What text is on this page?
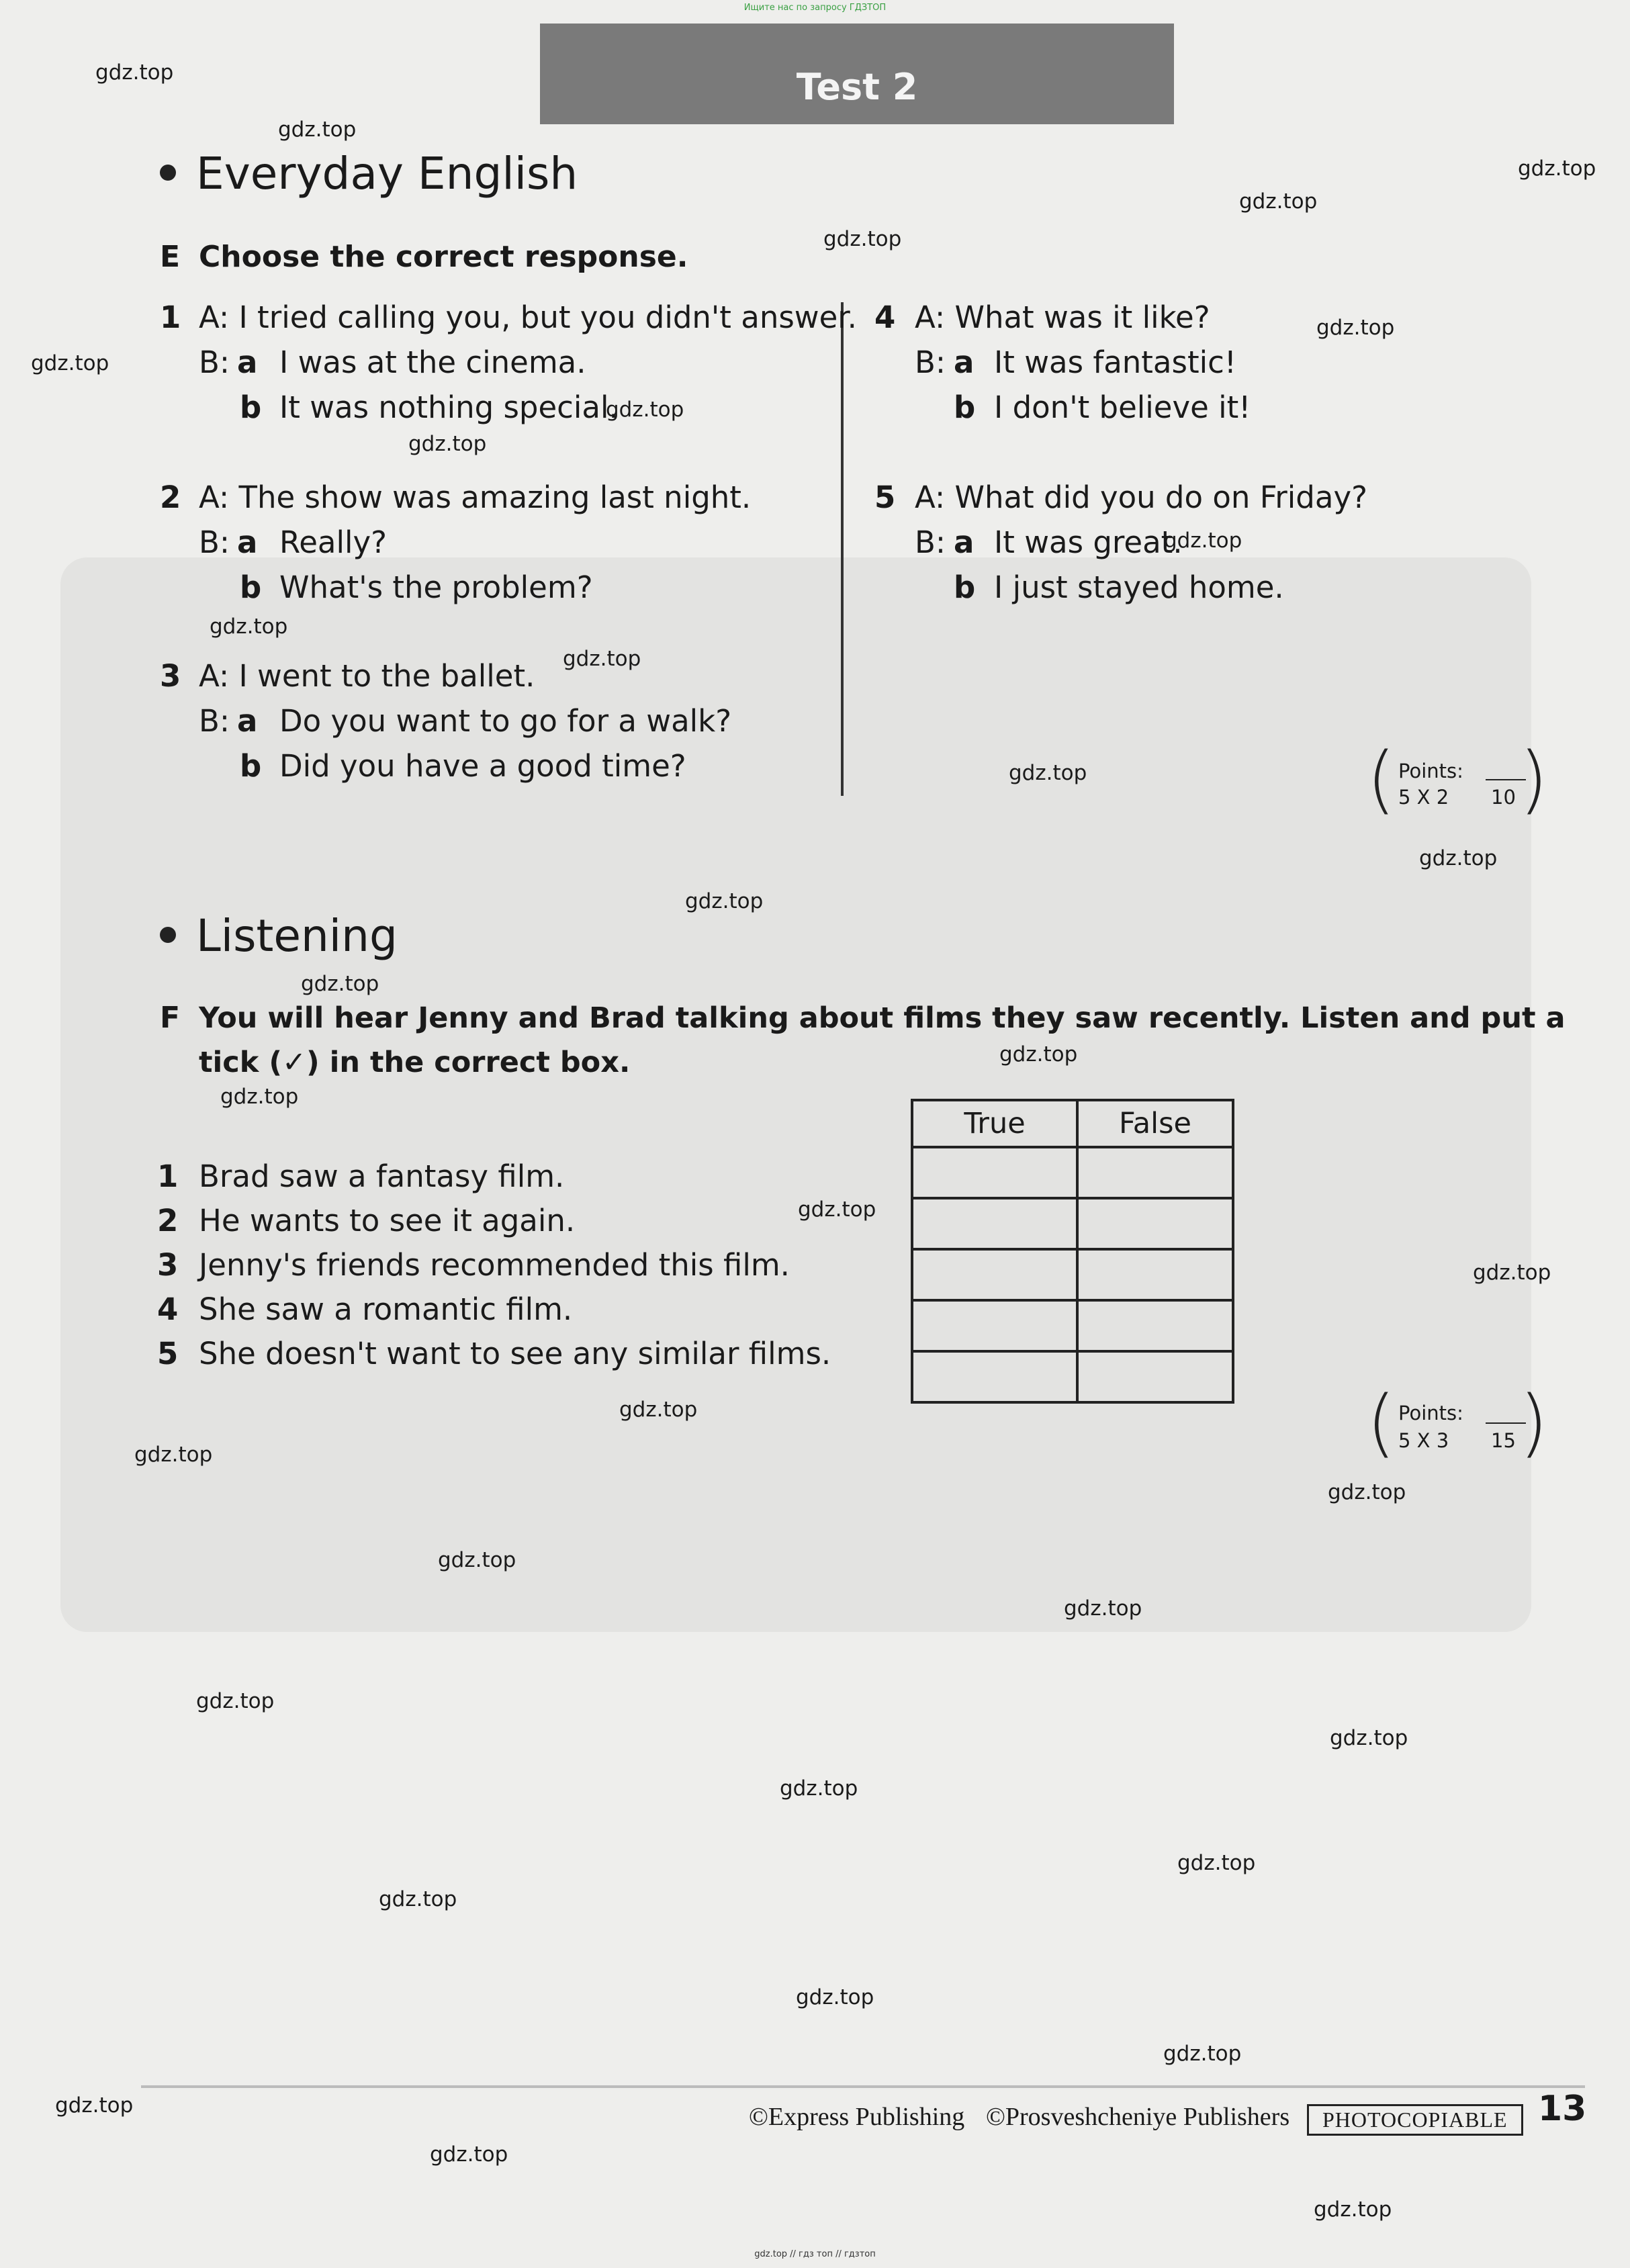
Ищите нас по запросу ГДЗТОП
Test 2
Everyday English
E Choose the correct response.
1 A: I tried calling you, but you didn't answer.
B: a I was at the cinema.
b It was nothing special.
2 A: The show was amazing last night.
B: a Really?
b What's the problem?
3 A: I went to the ballet.
B: a Do you want to go for a walk?
b Did you have a good time?
4 A: What was it like?
B: a It was fantastic!
b I don't believe it!
5 A: What did you do on Friday?
B: a It was great.
b I just stayed home.
( Points:
5 X 2 10 )
Listening
F You will hear Jenny and Brad talking about films they saw recently. Listen and put a
tick (✓) in the correct box.
1 Brad saw a fantasy film.
2 He wants to see it again.
3 Jenny's friends recommended this film.
4 She saw a romantic film.
5 She doesn't want to see any similar films.
True	False

( Points:
5 X 3 15 )
©Express Publishing ©Prosveshcheniye Publishers	PHOTOCOPIABLE 13
gdz.top
gdz.top
gdz.top
gdz.top
gdz.top
gdz.top
gdz.top
gdz.top
gdz.top
gdz.top
gdz.top
gdz.top
gdz.top
gdz.top
gdz.top
gdz.top
gdz.top
gdz.top
gdz.top
gdz.top
gdz.top
gdz.top
gdz.top
gdz.top
gdz.top
gdz.top
gdz.top
gdz.top
gdz.top
gdz.top
gdz.top
gdz.top
gdz.top
gdz.top
gdz.top
gdz.top // гдз топ // гдзтоп
